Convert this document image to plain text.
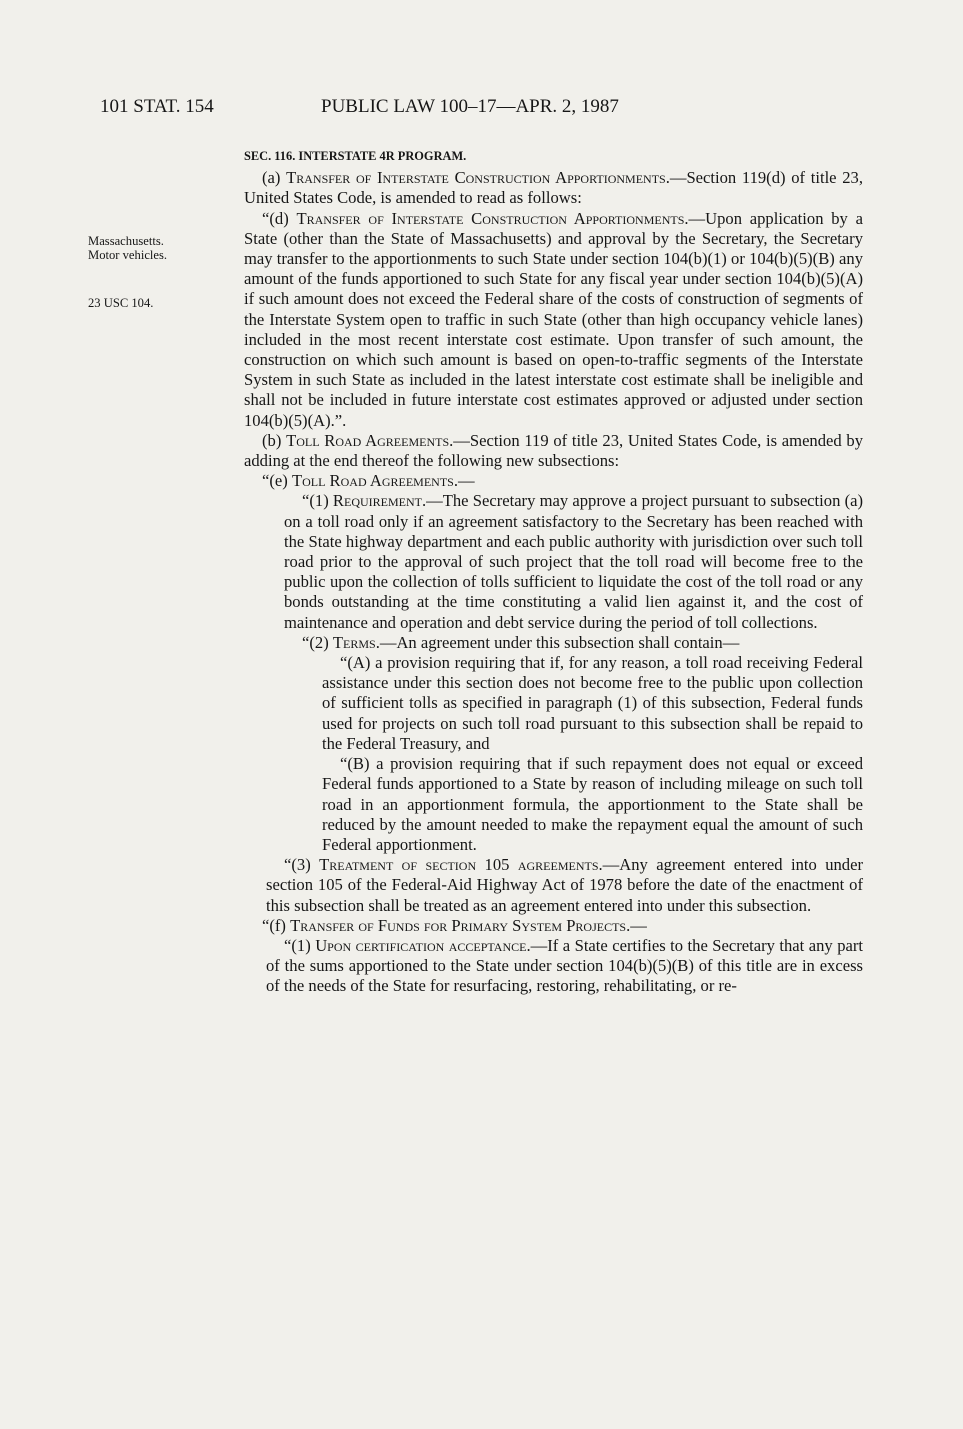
101 STAT. 154	PUBLIC LAW 100–17—APR. 2, 1987
Massachusetts.
Motor vehicles.
23 USC 104.

SEC. 116. INTERSTATE 4R PROGRAM.

(a) Transfer of Interstate Construction Apportionments.—Section 119(d) of title 23, United States Code, is amended to read as follows:

“(d) Transfer of Interstate Construction Apportionments.—Upon application by a State (other than the State of Massachusetts) and approval by the Secretary, the Secretary may transfer to the apportionments to such State under section 104(b)(1) or 104(b)(5)(B) any amount of the funds apportioned to such State for any fiscal year under section 104(b)(5)(A) if such amount does not exceed the Federal share of the costs of construction of segments of the Interstate System open to traffic in such State (other than high occupancy vehicle lanes) included in the most recent interstate cost estimate. Upon transfer of such amount, the construction on which such amount is based on open-to-traffic segments of the Interstate System in such State as included in the latest interstate cost estimate shall be ineligible and shall not be included in future interstate cost estimates approved or adjusted under section 104(b)(5)(A).”.

(b) Toll Road Agreements.—Section 119 of title 23, United States Code, is amended by adding at the end thereof the following new subsections:

“(e) Toll Road Agreements.—

“(1) Requirement.—The Secretary may approve a project pursuant to subsection (a) on a toll road only if an agreement satisfactory to the Secretary has been reached with the State highway department and each public authority with jurisdiction over such toll road prior to the approval of such project that the toll road will become free to the public upon the collection of tolls sufficient to liquidate the cost of the toll road or any bonds outstanding at the time constituting a valid lien against it, and the cost of maintenance and operation and debt service during the period of toll collections.

“(2) Terms.—An agreement under this subsection shall contain—

“(A) a provision requiring that if, for any reason, a toll road receiving Federal assistance under this section does not become free to the public upon collection of sufficient tolls as specified in paragraph (1) of this subsection, Federal funds used for projects on such toll road pursuant to this subsection shall be repaid to the Federal Treasury, and

“(B) a provision requiring that if such repayment does not equal or exceed Federal funds apportioned to a State by reason of including mileage on such toll road in an apportionment formula, the apportionment to the State shall be reduced by the amount needed to make the repayment equal the amount of such Federal apportionment.

“(3) Treatment of section 105 agreements.—Any agreement entered into under section 105 of the Federal-Aid Highway Act of 1978 before the date of the enactment of this subsection shall be treated as an agreement entered into under this subsection.

“(f) Transfer of Funds for Primary System Projects.—

“(1) Upon certification acceptance.—If a State certifies to the Secretary that any part of the sums apportioned to the State under section 104(b)(5)(B) of this title are in excess of the needs of the State for resurfacing, restoring, rehabilitating, or re-
